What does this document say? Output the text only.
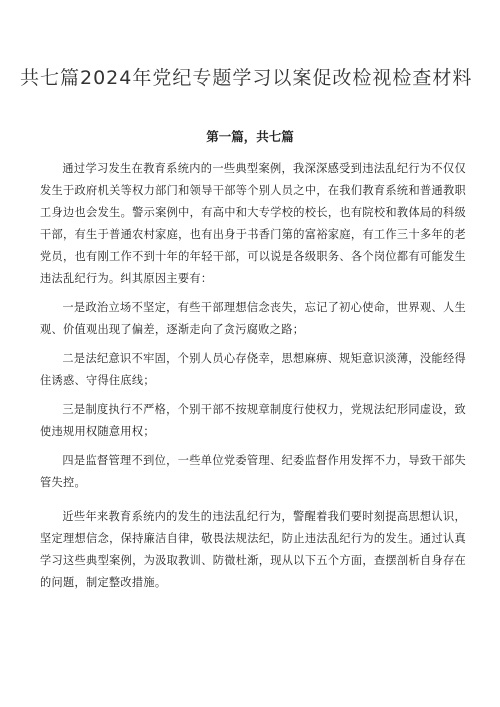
共七篇2024年党纪专题学习以案促改检视检查材料
第一篇，共七篇

通过学习发生在教育系统内的一些典型案例，我深深感受到违法乱纪行为不仅仅发生于政府机关等权力部门和领导干部等个别人员之中，在我们教育系统和普通教职工身边也会发生。警示案例中，有高中和大专学校的校长，也有院校和教体局的科级干部，有生于普通农村家庭，也有出身于书香门第的富裕家庭，有工作三十多年的老党员，也有刚工作不到十年的年轻干部，可以说是各级职务、各个岗位都有可能发生违法乱纪行为。纠其原因主要有：

一是政治立场不坚定，有些干部理想信念丧失，忘记了初心使命，世界观、人生观、价值观出现了偏差，逐渐走向了贪污腐败之路；

二是法纪意识不牢固，个别人员心存侥幸，思想麻痹、规矩意识淡薄，没能经得住诱惑、守得住底线；

三是制度执行不严格，个别干部不按规章制度行使权力，党规法纪形同虚设，致使违规用权随意用权；

四是监督管理不到位，一些单位党委管理、纪委监督作用发挥不力，导致干部失管失控。

近些年来教育系统内的发生的违法乱纪行为，警醒着我们要时刻提高思想认识，坚定理想信念，保持廉洁自律，敬畏法规法纪，防止违法乱纪行为的发生。通过认真学习这些典型案例，为汲取教训、防微杜渐，现从以下五个方面，查摆剖析自身存在的问题，制定整改措施。
